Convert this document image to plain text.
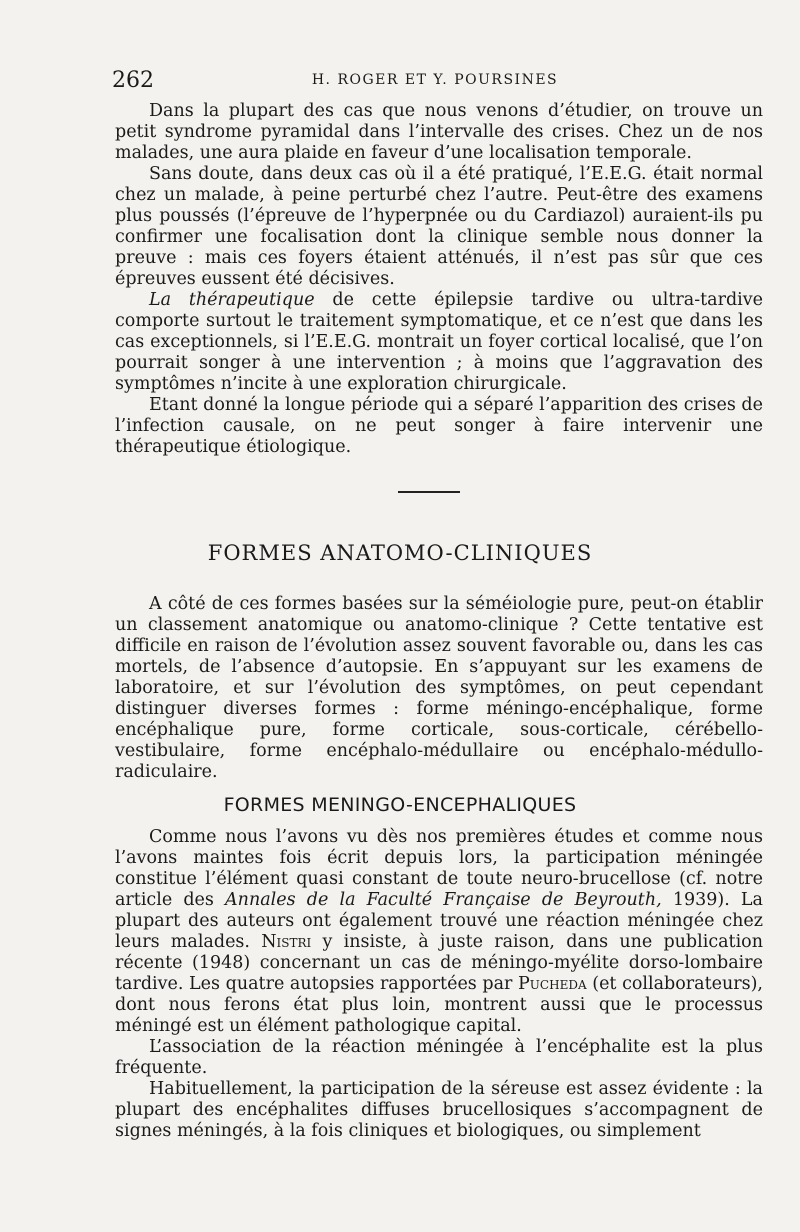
262	H. ROGER ET Y. POURSINES

Dans la plupart des cas que nous venons d’étudier, on trouve un petit syndrome pyramidal dans l’intervalle des crises. Chez un de nos malades, une aura plaide en faveur d’une localisation temporale.

Sans doute, dans deux cas où il a été pratiqué, l’E.E.G. était normal chez un malade, à peine perturbé chez l’autre. Peut-être des examens plus poussés (l’épreuve de l’hyperpnée ou du Cardiazol) auraient-ils pu confirmer une focalisation dont la clinique semble nous donner la preuve : mais ces foyers étaient atténués, il n’est pas sûr que ces épreuves eussent été décisives.

La thérapeutique de cette épilepsie tardive ou ultra-tardive comporte surtout le traitement symptomatique, et ce n’est que dans les cas exceptionnels, si l’E.E.G. montrait un foyer cortical localisé, que l’on pourrait songer à une intervention ; à moins que l’aggravation des symptômes n’incite à une exploration chirurgicale.

Etant donné la longue période qui a séparé l’apparition des crises de l’infection causale, on ne peut songer à faire intervenir une thérapeutique étiologique.

FORMES ANATOMO-CLINIQUES

A côté de ces formes basées sur la séméiologie pure, peut-on établir un classement anatomique ou anatomo-clinique ? Cette tentative est difficile en raison de l’évolution assez souvent favorable ou, dans les cas mortels, de l’absence d’autopsie. En s’appuyant sur les examens de laboratoire, et sur l’évolution des symptômes, on peut cependant distinguer diverses formes : forme méningo-encéphalique, forme encéphalique pure, forme corticale, sous-corticale, cérébello-vestibulaire, forme encéphalo-médullaire ou encéphalo-médullo-radiculaire.

FORMES MENINGO-ENCEPHALIQUES

Comme nous l’avons vu dès nos premières études et comme nous l’avons maintes fois écrit depuis lors, la participation méningée constitue l’élément quasi constant de toute neuro-brucellose (cf. notre article des Annales de la Faculté Française de Beyrouth, 1939). La plupart des auteurs ont également trouvé une réaction méningée chez leurs malades. Nistri y insiste, à juste raison, dans une publication récente (1948) concernant un cas de méningo-myélite dorso-lombaire tardive. Les quatre autopsies rapportées par Pucheda (et collaborateurs), dont nous ferons état plus loin, montrent aussi que le processus méningé est un élément pathologique capital.

L’association de la réaction méningée à l’encéphalite est la plus fréquente.

Habituellement, la participation de la séreuse est assez évidente : la plupart des encéphalites diffuses brucellosiques s’accompagnent de signes méningés, à la fois cliniques et biologiques, ou simplement
